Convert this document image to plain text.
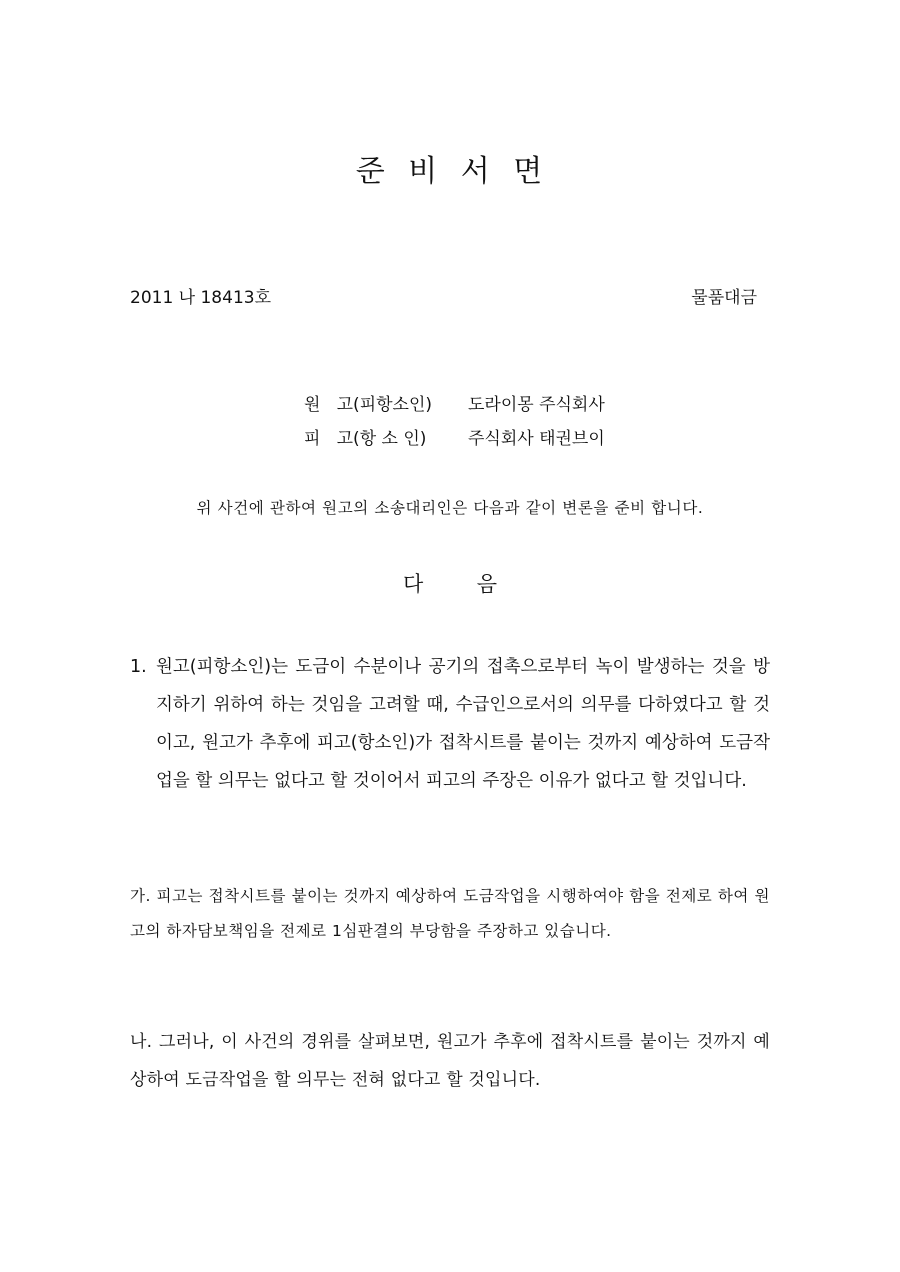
준 비 서 면
2011 나 18413호	물품대금
원   고(피항소인) 도라이몽 주식회사
피   고(항 소 인) 주식회사 태권브이
위 사건에 관하여 원고의 소송대리인은 다음과 같이 변론을 준비 합니다.
다        음
1. 원고(피항소인)는 도금이 수분이나 공기의 접촉으로부터 녹이 발생하는 것을 방지하기 위하여 하는 것임을 고려할 때, 수급인으로서의 의무를 다하였다고 할 것이고, 원고가 추후에 피고(항소인)가 접착시트를 붙이는 것까지 예상하여 도금작업을 할 의무는 없다고 할 것이어서 피고의 주장은 이유가 없다고 할 것입니다.
가. 피고는 접착시트를 붙이는 것까지 예상하여 도금작업을 시행하여야 함을 전제로 하여 원고의 하자담보책임을 전제로 1심판결의 부당함을 주장하고 있습니다.
나. 그러나, 이 사건의 경위를 살펴보면, 원고가 추후에 접착시트를 붙이는 것까지 예상하여 도금작업을 할 의무는 전혀 없다고 할 것입니다.
